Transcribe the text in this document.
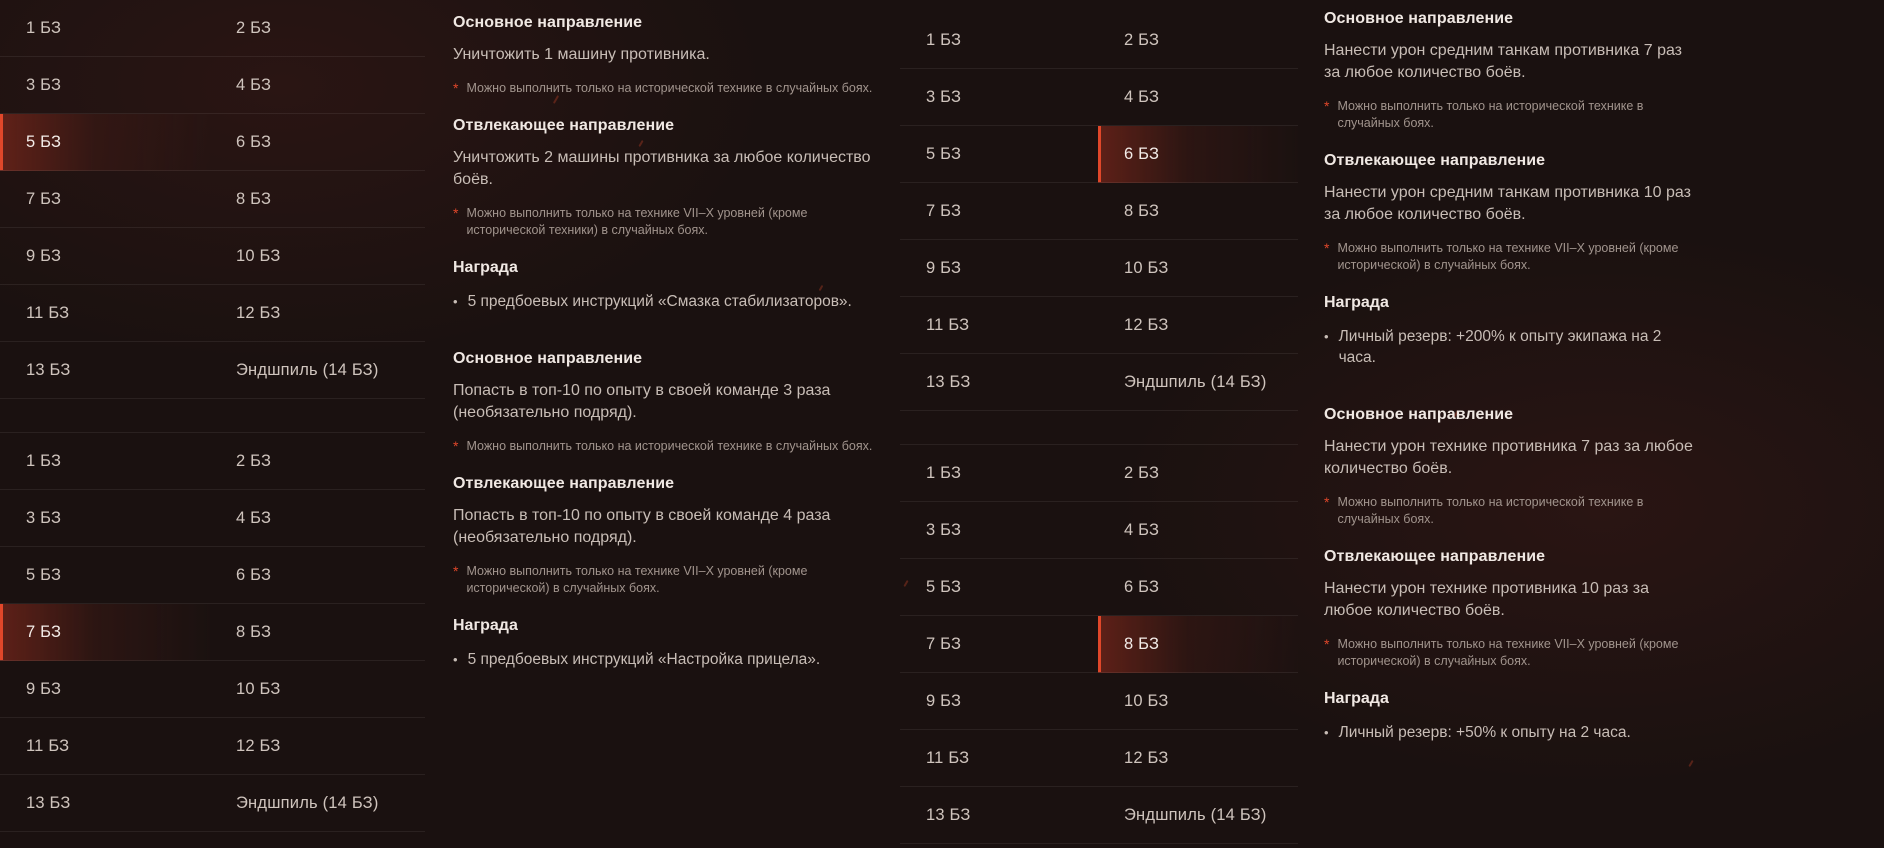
1 БЗ
3 БЗ
5 БЗ
7 БЗ
9 БЗ
11 БЗ
13 БЗ
1 БЗ
3 БЗ
5 БЗ
7 БЗ
9 БЗ
11 БЗ
13 БЗ
2 БЗ
4 БЗ
6 БЗ
8 БЗ
10 БЗ
12 БЗ
Эндшпиль (14 БЗ)
2 БЗ
4 БЗ
6 БЗ
8 БЗ
10 БЗ
12 БЗ
Эндшпиль (14 БЗ)
Основное направление
Уничтожить 1 машину противника.
* Можно выполнить только на исторической технике в случайных боях.
Отвлекающее направление
Уничтожить 2 машины противника за любое количество боёв.
* Можно выполнить только на технике VII–X уровней (кроме исторической техники) в случайных боях.
Награда
• 5 предбоевых инструкций «Смазка стабилизаторов».
Основное направление
Попасть в топ-10 по опыту в своей команде 3 раза (необязательно подряд).
* Можно выполнить только на исторической технике в случайных боях.
Отвлекающее направление
Попасть в топ-10 по опыту в своей команде 4 раза (необязательно подряд).
* Можно выполнить только на технике VII–X уровней (кроме исторической) в случайных боях.
Награда
• 5 предбоевых инструкций «Настройка прицела».
1 БЗ
3 БЗ
5 БЗ
7 БЗ
9 БЗ
11 БЗ
13 БЗ
1 БЗ
3 БЗ
5 БЗ
7 БЗ
9 БЗ
11 БЗ
13 БЗ
2 БЗ
4 БЗ
6 БЗ
8 БЗ
10 БЗ
12 БЗ
Эндшпиль (14 БЗ)
2 БЗ
4 БЗ
6 БЗ
8 БЗ
10 БЗ
12 БЗ
Эндшпиль (14 БЗ)
Основное направление
Нанести урон средним танкам противника 7 раз за любое количество боёв.
* Можно выполнить только на исторической технике в случайных боях.
Отвлекающее направление
Нанести урон средним танкам противника 10 раз за любое количество боёв.
* Можно выполнить только на технике VII–X уровней (кроме исторической) в случайных боях.
Награда
• Личный резерв: +200% к опыту экипажа на 2 часа.
Основное направление
Нанести урон технике противника 7 раз за любое количество боёв.
* Можно выполнить только на исторической технике в случайных боях.
Отвлекающее направление
Нанести урон технике противника 10 раз за любое количество боёв.
* Можно выполнить только на технике VII–X уровней (кроме исторической) в случайных боях.
Награда
• Личный резерв: +50% к опыту на 2 часа.
